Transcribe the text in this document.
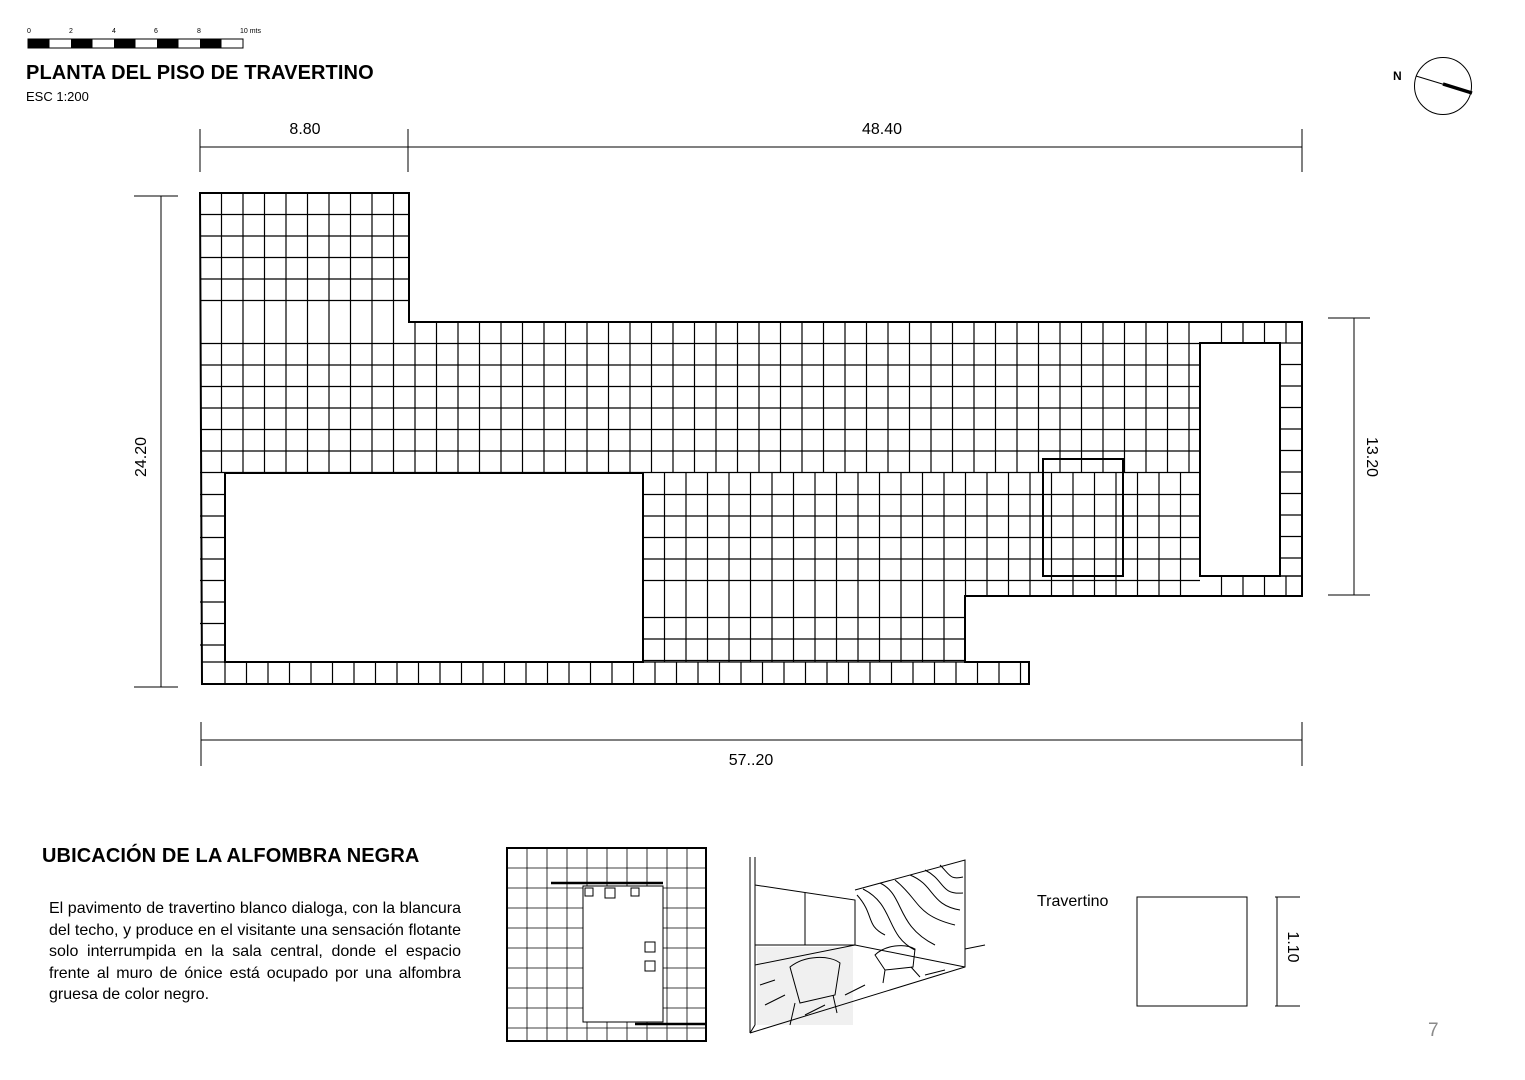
0	2	4	6	8	10 mts
PLANTA DEL PISO DE TRAVERTINO
ESC 1:200
N
8.80	48.40
24.20	13.20
57..20
UBICACIÓN DE LA ALFOMBRA NEGRA
El pavimento de travertino blanco dialoga, con la blancura del techo, y produce en el visitante una sensación flotante solo interrumpida en la sala central, donde el espacio frente al muro de ónice está ocupado por una alfombra gruesa de color negro.
Travertino
1.10
7
